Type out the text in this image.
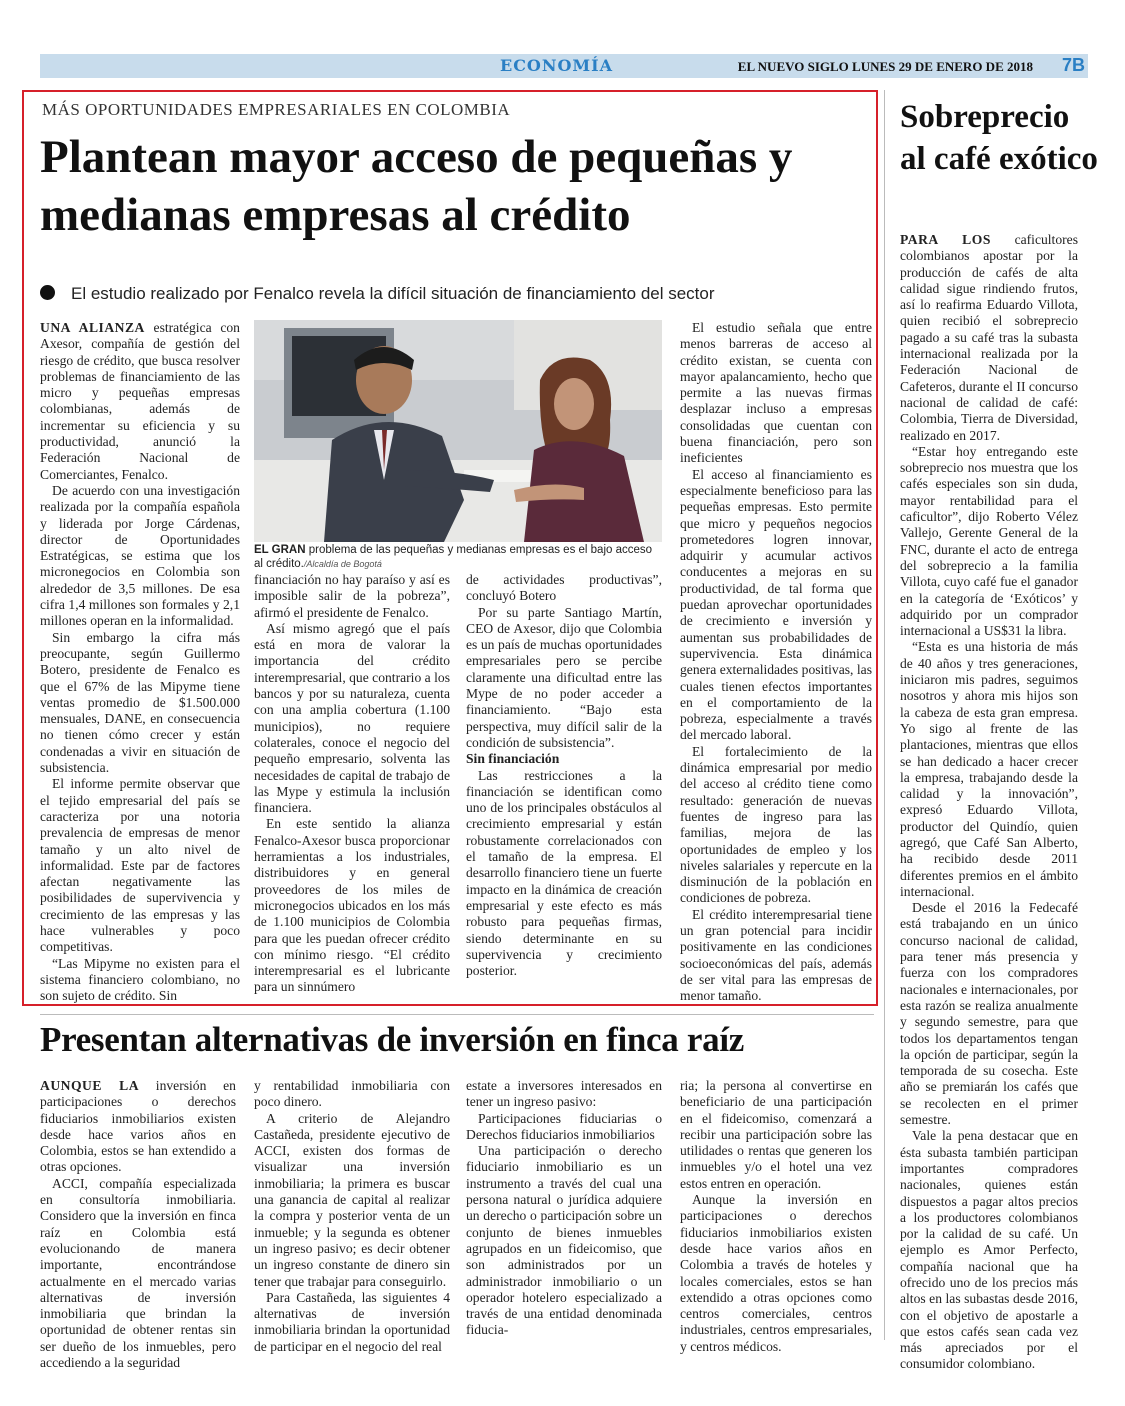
ECONOMÍA	EL NUEVO SIGLO LUNES 29 DE ENERO DE 2018 7B
MÁS OPORTUNIDADES EMPRESARIALES EN COLOMBIA
Plantean mayor acceso de pequeñas y medianas empresas al crédito
El estudio realizado por Fenalco revela la difícil situación de financiamiento del sector

UNA ALIANZA estratégica con Axesor, compañía de gestión del riesgo de crédito, que busca resolver problemas de financiamiento de las micro y pequeñas empresas colombianas, además de incrementar su eficiencia y su productividad, anunció la Federación Nacional de Comerciantes, Fenalco.

De acuerdo con una investigación realizada por la compañía española y liderada por Jorge Cárdenas, director de Oportunidades Estratégicas, se estima que los micronegocios en Colombia son alrededor de 3,5 millones. De esa cifra 1,4 millones son formales y 2,1 millones operan en la informalidad.

Sin embargo la cifra más preocupante, según Guillermo Botero, presidente de Fenalco es que el 67% de las Mipyme tiene ventas promedio de $1.500.000 mensuales, DANE, en consecuencia no tienen cómo crecer y están condenadas a vivir en situación de subsistencia.

El informe permite observar que el tejido empresarial del país se caracteriza por una notoria prevalencia de empresas de menor tamaño y un alto nivel de informalidad. Este par de factores afectan negativamente las posibilidades de supervivencia y crecimiento de las empresas y las hace vulnerables y poco competitivas.

“Las Mipyme no existen para el sistema financiero colombiano, no son sujeto de crédito. Sin

EL GRAN problema de las pequeñas y medianas empresas es el bajo acceso al crédito./Alcaldía de Bogotá

financiación no hay paraíso y así es imposible salir de la pobreza”, afirmó el presidente de Fenalco.

Así mismo agregó que el país está en mora de valorar la importancia del crédito interempresarial, que contrario a los bancos y por su naturaleza, cuenta con una amplia cobertura (1.100 municipios), no requiere colaterales, conoce el negocio del pequeño empresario, solventa las necesidades de capital de trabajo de las Mype y estimula la inclusión financiera.

En este sentido la alianza Fenalco-Axesor busca proporcionar herramientas a los industriales, distribuidores y en general proveedores de los miles de micronegocios ubicados en los más de 1.100 municipios de Colombia para que les puedan ofrecer crédito con mínimo riesgo. “El crédito interempresarial es el lubricante para un sinnúmero

de actividades productivas”, concluyó Botero

Por su parte Santiago Martín, CEO de Axesor, dijo que Colombia es un país de muchas oportunidades empresariales pero se percibe claramente una dificultad entre las Mype de no poder acceder a financiamiento. “Bajo esta perspectiva, muy difícil salir de la condición de subsistencia”.

Sin financiación

Las restricciones a la financiación se identifican como uno de los principales obstáculos al crecimiento empresarial y están robustamente correlacionados con el tamaño de la empresa. El desarrollo financiero tiene un fuerte impacto en la dinámica de creación empresarial y este efecto es más robusto para pequeñas firmas, siendo determinante en su supervivencia y crecimiento posterior.

El estudio señala que entre menos barreras de acceso al crédito existan, se cuenta con mayor apalancamiento, hecho que permite a las nuevas firmas desplazar incluso a empresas consolidadas que cuentan con buena financiación, pero son ineficientes

El acceso al financiamiento es especialmente beneficioso para las pequeñas empresas. Esto permite que micro y pequeños negocios prometedores logren innovar, adquirir y acumular activos conducentes a mejoras en su productividad, de tal forma que puedan aprovechar oportunidades de crecimiento e inversión y aumentan sus probabilidades de supervivencia. Esta dinámica genera externalidades positivas, las cuales tienen efectos importantes en el comportamiento de la pobreza, especialmente a través del mercado laboral.

El fortalecimiento de la dinámica empresarial por medio del acceso al crédito tiene como resultado: generación de nuevas fuentes de ingreso para las familias, mejora de las oportunidades de empleo y los niveles salariales y repercute en la disminución de la población en condiciones de pobreza.

El crédito interempresarial tiene un gran potencial para incidir positivamente en las condiciones socioeconómicas del país, además de ser vital para las empresas de menor tamaño.

Sobreprecio al café exótico

PARA LOS caficultores colombianos apostar por la producción de cafés de alta calidad sigue rindiendo frutos, así lo reafirma Eduardo Villota, quien recibió el sobreprecio pagado a su café tras la subasta internacional realizada por la Federación Nacional de Cafeteros, durante el II concurso nacional de calidad de café: Colombia, Tierra de Diversidad, realizado en 2017.

“Estar hoy entregando este sobreprecio nos muestra que los cafés especiales son sin duda, mayor rentabilidad para el caficultor”, dijo Roberto Vélez Vallejo, Gerente General de la FNC, durante el acto de entrega del sobreprecio a la familia Villota, cuyo café fue el ganador en la categoría de ‘Exóticos’ y adquirido por un comprador internacional a US$31 la libra.

“Esta es una historia de más de 40 años y tres generaciones, iniciaron mis padres, seguimos nosotros y ahora mis hijos son la cabeza de esta gran empresa. Yo sigo al frente de las plantaciones, mientras que ellos se han dedicado a hacer crecer la empresa, trabajando desde la calidad y la innovación”, expresó Eduardo Villota, productor del Quindío, quien agregó, que Café San Alberto, ha recibido desde 2011 diferentes premios en el ámbito internacional.

Desde el 2016 la Fedecafé está trabajando en un único concurso nacional de calidad, para tener más presencia y fuerza con los compradores nacionales e internacionales, por esta razón se realiza anualmente y segundo semestre, para que todos los departamentos tengan la opción de participar, según la temporada de su cosecha. Este año se premiarán los cafés que se recolecten en el primer semestre.

Vale la pena destacar que en ésta subasta también participan importantes compradores nacionales, quienes están dispuestos a pagar altos precios a los productores colombianos por la calidad de su café. Un ejemplo es Amor Perfecto, compañía nacional que ha ofrecido uno de los precios más altos en las subastas desde 2016, con el objetivo de apostarle a que estos cafés sean cada vez más apreciados por el consumidor colombiano.

Presentan alternativas de inversión en finca raíz

AUNQUE LA inversión en participaciones o derechos fiduciarios inmobiliarios existen desde hace varios años en Colombia, estos se han extendido a otras opciones.

ACCI, compañía especializada en consultoría inmobiliaria. Considero que la inversión en finca raíz en Colombia está evolucionando de manera importante, encontrándose actualmente en el mercado varias alternativas de inversión inmobiliaria que brindan la oportunidad de obtener rentas sin ser dueño de los inmuebles, pero accediendo a la seguridad

y rentabilidad inmobiliaria con poco dinero.

A criterio de Alejandro Castañeda, presidente ejecutivo de ACCI, existen dos formas de visualizar una inversión inmobiliaria; la primera es buscar una ganancia de capital al realizar la compra y posterior venta de un inmueble; y la segunda es obtener un ingreso pasivo; es decir obtener un ingreso constante de dinero sin tener que trabajar para conseguirlo.

Para Castañeda, las siguientes 4 alternativas de inversión inmobiliaria brindan la oportunidad de participar en el negocio del real

estate a inversores interesados en tener un ingreso pasivo:

Participaciones fiduciarias o Derechos fiduciarios inmobiliarios

Una participación o derecho fiduciario inmobiliario es un instrumento a través del cual una persona natural o jurídica adquiere un derecho o participación sobre un conjunto de bienes inmuebles agrupados en un fideicomiso, que son administrados por un administrador inmobiliario o un operador hotelero especializado a través de una entidad denominada fiducia-

ria; la persona al convertirse en beneficiario de una participación en el fideicomiso, comenzará a recibir una participación sobre las utilidades o rentas que generen los inmuebles y/o el hotel una vez estos entren en operación.

Aunque la inversión en participaciones o derechos fiduciarios inmobiliarios existen desde hace varios años en Colombia a través de hoteles y locales comerciales, estos se han extendido a otras opciones como centros comerciales, centros industriales, centros empresariales, y centros médicos.
